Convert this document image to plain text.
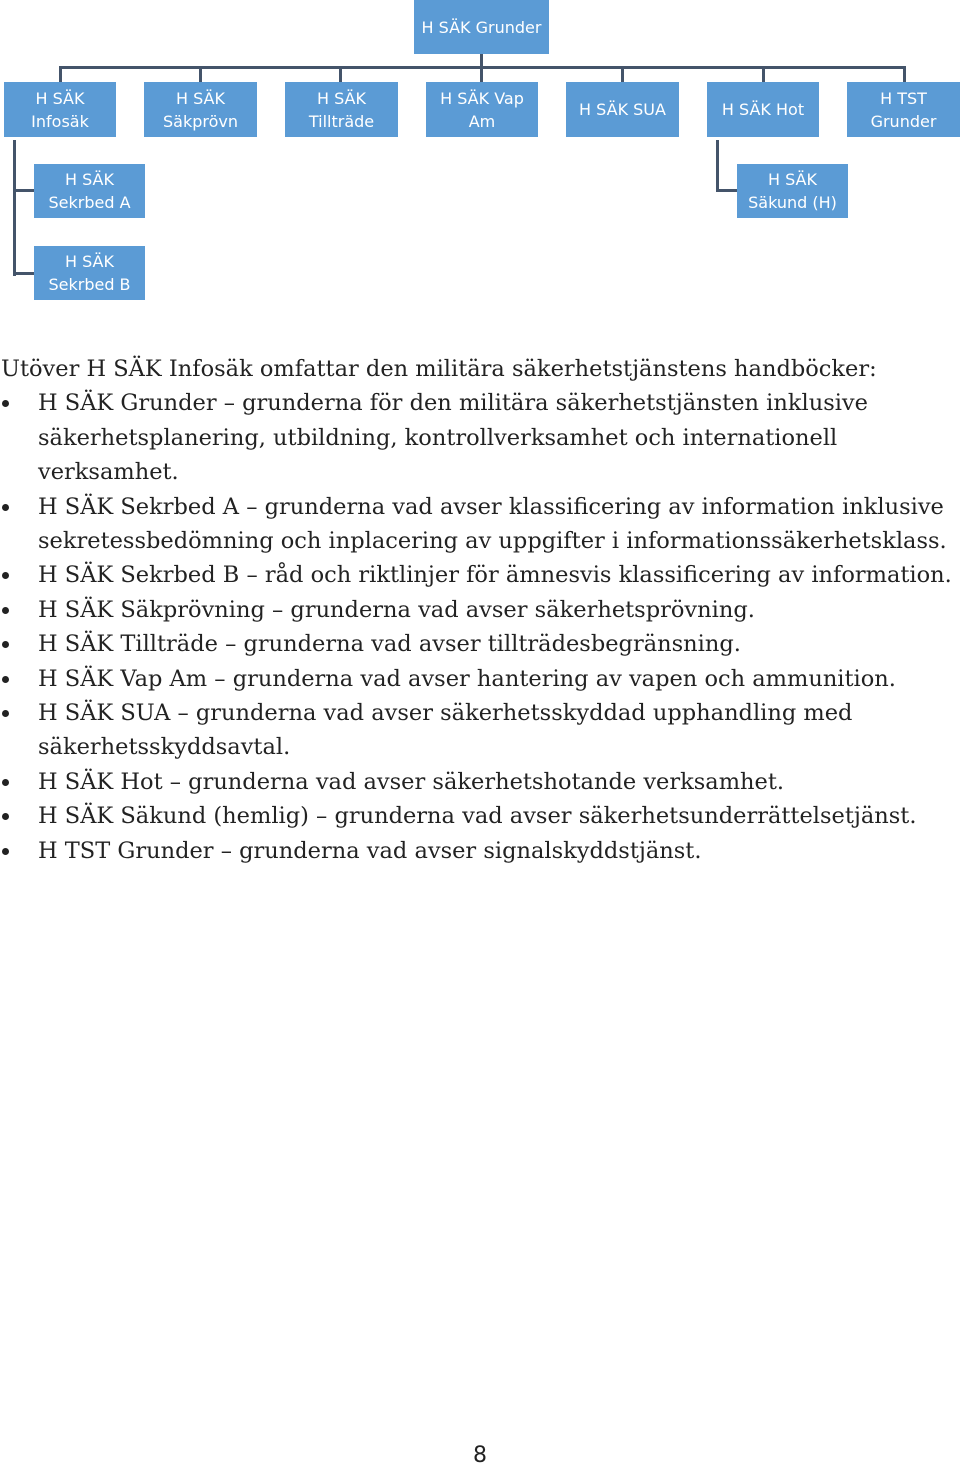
H SÄK Grunder
H SÄK
Infosäk
H SÄK
Säkprövn
H SÄK
Tillträde
H SÄK Vap
Am
H SÄK SUA	H SÄK Hot
H TST
Grunder
H SÄK
Sekrbed A
H SÄK
Sekrbed B
H SÄK
Säkund (H)

Utöver H SÄK Infosäk omfattar den militära säkerhetstjänstens handböcker:

H SÄK Grunder – grunderna för den militära säkerhetstjänsten inklusive säkerhetsplanering, utbildning, kontrollverksamhet och internationell verksamhet.
H SÄK Sekrbed A – grunderna vad avser klassificering av information inklusive sekretessbedömning och inplacering av uppgifter i informationssäkerhetsklass.
H SÄK Sekrbed B – råd och riktlinjer för ämnesvis klassificering av information.
H SÄK Säkprövning – grunderna vad avser säkerhetsprövning.
H SÄK Tillträde – grunderna vad avser tillträdesbegränsning.
H SÄK Vap Am – grunderna vad avser hantering av vapen och ammunition.
H SÄK SUA – grunderna vad avser säkerhetsskyddad upphandling med säkerhetsskyddsavtal.
H SÄK Hot – grunderna vad avser säkerhetshotande verksamhet.
H SÄK Säkund (hemlig) – grunderna vad avser säkerhetsunderrättelsetjänst.
H TST Grunder – grunderna vad avser signalskyddstjänst.
8
